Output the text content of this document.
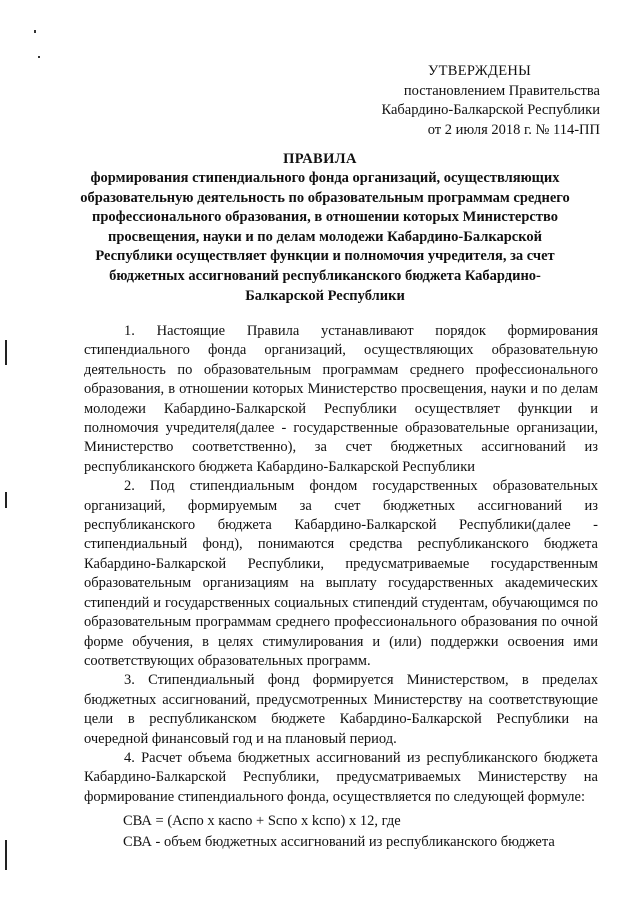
УТВЕРЖДЕНЫ
постановлением Правительства
Кабардино-Балкарской Республики
от 2 июля 2018 г. № 114-ПП
ПРАВИЛА
формирования стипендиального фонда организаций, осуществляющих образовательную деятельность по образовательным программам среднего профессионального образования, в отношении которых Министерство просвещения, науки и по делам молодежи Кабардино-Балкарской Республики осуществляет функции и полномочия учредителя, за счет бюджетных ассигнований республиканского бюджета Кабардино-Балкарской Республики

1. Настоящие Правила устанавливают порядок формирования стипендиального фонда организаций, осуществляющих образовательную деятельность по образовательным программам среднего профессионального образования, в отношении которых Министерство просвещения, науки и по делам молодежи Кабардино-Балкарской Республики осуществляет функции и полномочия учредителя(далее - государственные образовательные организации, Министерство соответственно), за счет бюджетных ассигнований из республиканского бюджета Кабардино-Балкарской Республики

2. Под стипендиальным фондом государственных образовательных организаций, формируемым за счет бюджетных ассигнований из республиканского бюджета Кабардино-Балкарской Республики(далее - стипендиальный фонд), понимаются средства республиканского бюджета Кабардино-Балкарской Республики, предусматриваемые государственным образовательным организациям на выплату государственных академических стипендий и государственных социальных стипендий студентам, обучающимся по образовательным программам среднего профессионального образования по очной форме обучения, в целях стимулирования и (или) поддержки освоения ими соответствующих образовательных программ.

3. Стипендиальный фонд формируется Министерством, в пределах бюджетных ассигнований, предусмотренных Министерству на соответствующие цели в республиканском бюджете Кабардино-Балкарской Республики на очередной финансовый год и на плановый период.

4. Расчет объема бюджетных ассигнований из республиканского бюджета Кабардино-Балкарской Республики, предусматриваемых Министерству на формирование стипендиального фонда, осуществляется по следующей формуле:

СВА = (Аспо х касnо + Sспо х kспо) х 12, где
СВА - объем бюджетных ассигнований из республиканского бюджета
